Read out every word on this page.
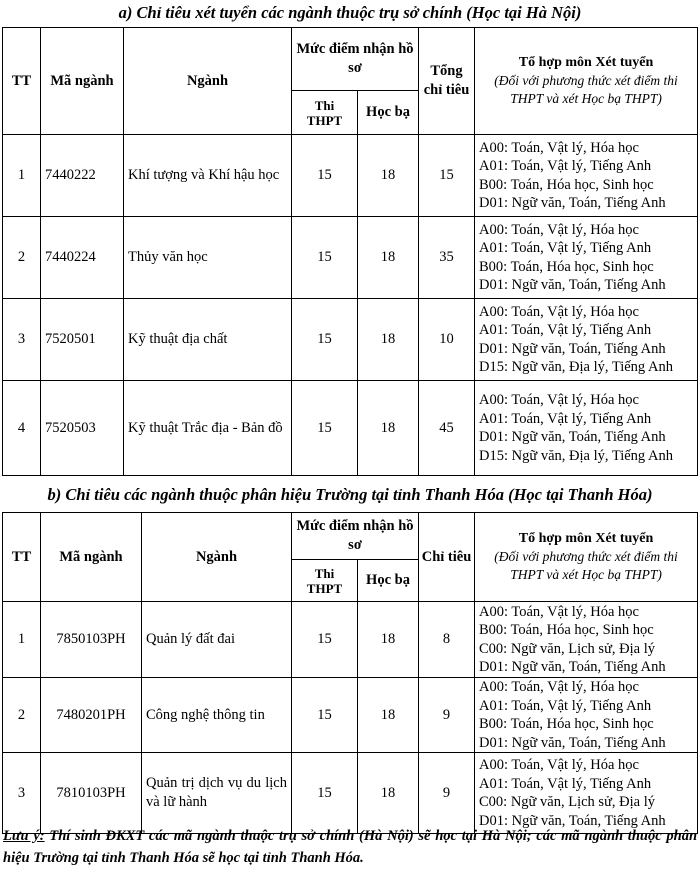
a) Chỉ tiêu xét tuyển các ngành thuộc trụ sở chính (Học tại Hà Nội)
TT	Mã ngành	Ngành	Mức điểm nhận hồ sơ		Tổng chỉ tiêu	Tổ hợp môn Xét tuyển
(Đối với phương thức xét điểm thi THPT và xét Học bạ THPT)

			Thi THPT	Học bạ		
1	7440222	Khí tượng và Khí hậu học	15	18	15	A00: Toán, Vật lý, Hóa học
A01: Toán, Vật lý, Tiếng Anh
B00: Toán, Hóa học, Sinh học
D01: Ngữ văn, Toán, Tiếng Anh

2	7440224	Thủy văn học	15	18	35	A00: Toán, Vật lý, Hóa học
A01: Toán, Vật lý, Tiếng Anh
B00: Toán, Hóa học, Sinh học
D01: Ngữ văn, Toán, Tiếng Anh

3	7520501	Kỹ thuật địa chất	15	18	10	A00: Toán, Vật lý, Hóa học
A01: Toán, Vật lý, Tiếng Anh
D01: Ngữ văn, Toán, Tiếng Anh
D15: Ngữ văn, Địa lý, Tiếng Anh

4	7520503	Kỹ thuật Trắc địa - Bản đồ	15	18	45	A00: Toán, Vật lý, Hóa học
A01: Toán, Vật lý, Tiếng Anh
D01: Ngữ văn, Toán, Tiếng Anh
D15: Ngữ văn, Địa lý, Tiếng Anh
b) Chỉ tiêu các ngành thuộc phân hiệu Trường tại tỉnh Thanh Hóa (Học tại Thanh Hóa)
TT	Mã ngành	Ngành	Mức điểm nhận hồ sơ		Chỉ tiêu	Tổ hợp môn Xét tuyển
(Đối với phương thức xét điểm thi THPT và xét Học bạ THPT)

			Thi THPT	Học bạ		
1	7850103PH	Quản lý đất đai	15	18	8	A00: Toán, Vật lý, Hóa học
B00: Toán, Hóa học, Sinh học
C00: Ngữ văn, Lịch sử, Địa lý
D01: Ngữ văn, Toán, Tiếng Anh

2	7480201PH	Công nghệ thông tin	15	18	9	A00: Toán, Vật lý, Hóa học
A01: Toán, Vật lý, Tiếng Anh
B00: Toán, Hóa học, Sinh học
D01: Ngữ văn, Toán, Tiếng Anh

3	7810103PH	Quản trị dịch vụ du lịch và lữ hành	15	18	9	A00: Toán, Vật lý, Hóa học
A01: Toán, Vật lý, Tiếng Anh
C00: Ngữ văn, Lịch sử, Địa lý
D01: Ngữ văn, Toán, Tiếng Anh
Lưu ý: Thí sinh ĐKXT các mã ngành thuộc trụ sở chính (Hà Nội) sẽ học tại Hà Nội; các mã ngành thuộc phân hiệu Trường tại tỉnh Thanh Hóa sẽ học tại tỉnh Thanh Hóa.
